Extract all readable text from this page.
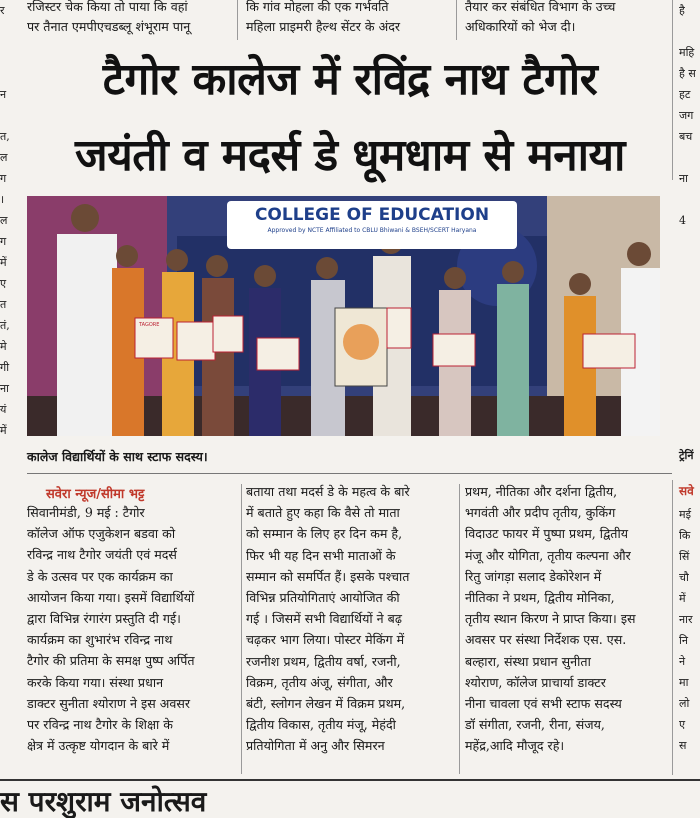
रजिस्टर चेक किया तो पाया कि वहां
पर तैनात एमपीएचडब्लू शंभूराम पानू
कि गांव मोहला की एक गर्भवति
महिला प्राइमरी हैल्थ सेंटर के अंदर
तैयार कर संबंधित विभाग के उच्च
अधिकारियों को भेज दी।
र

न

त,
ल
ग
।
ल
ग
में
ए
त
तं,
मे
गी
ना
यं
में
है

महि
है स
हट
जग
बच

ना

4
ट्रेनिं
सवे
मई
कि
सिं
चौ
में
नार
नि
ने
मा
लो
ए
स
टैगोर कालेज में रविंद्र नाथ टैगोर
जयंती व मदर्स डे धूमधाम से मनाया
COLLEGE OF EDUCATION
Approved by NCTE Affiliated to CBLU Bhiwani & BSEH/SCERT Haryana
TAGORE
कालेज विद्यार्थियों के साथ स्टाफ सदस्य।
सवेरा न्यूज/सीमा भट्ट
सिवानीमंडी, 9 मई : टैगोर
कॉलेज ऑफ एजुकेशन बडवा को
रविन्द्र नाथ टैगोर जयंती एवं मदर्स
डे के उत्सव पर एक कार्यक्रम का
आयोजन किया गया। इसमें विद्यार्थियों
द्वारा विभिन्न रंगारंग प्रस्तुति दी गई।
कार्यक्रम का शुभारंभ रविन्द्र नाथ
टैगोर की प्रतिमा के समक्ष पुष्प अर्पित
करके किया गया। संस्था प्रधान
डाक्टर सुनीता श्योराण ने इस अवसर
पर रविन्द्र नाथ टैगोर के शिक्षा के
क्षेत्र में उत्कृष्ट योगदान के बारे में
बताया तथा मदर्स डे के महत्व के बारे
में बताते हुए कहा कि वैसे तो माता
को सम्मान के लिए हर दिन कम है,
फिर भी यह दिन सभी माताओं के
सम्मान को समर्पित हैं। इसके पश्चात
विभिन्न प्रतियोगिताएं आयोजित की
गई । जिसमें सभी विद्यार्थियों ने बढ़
चढ़कर भाग लिया। पोस्टर मेकिंग में
रजनीश प्रथम, द्वितीय वर्षा, रजनी,
विक्रम, तृतीय अंजू, संगीता, और
बंटी, स्लोगन लेखन में विक्रम प्रथम,
द्वितीय विकास, तृतीय मंजू, मेहंदी
प्रतियोगिता में अनु और सिमरन
प्रथम, नीतिका और दर्शना द्वितीय,
भगवंती और प्रदीप तृतीय, कुकिंग
विदाउट फायर में पुष्पा प्रथम, द्वितीय
मंजू और योगिता, तृतीय कल्पना और
रितु जांगड़ा सलाद डेकोरेशन में
नीतिका ने प्रथम, द्वितीय मोनिका,
तृतीय स्थान किरण ने प्राप्त किया। इस
अवसर पर संस्था निर्देशक एस. एस.
बल्हारा, संस्था प्रधान सुनीता
श्योराण, कॉलेज प्राचार्या डाक्टर
नीना चावला एवं सभी स्टाफ सदस्य
डॉ संगीता, रजनी, रीना, संजय,
महेंद्र,आदि मौजूद रहे।
स परशुराम जनोत्सव
